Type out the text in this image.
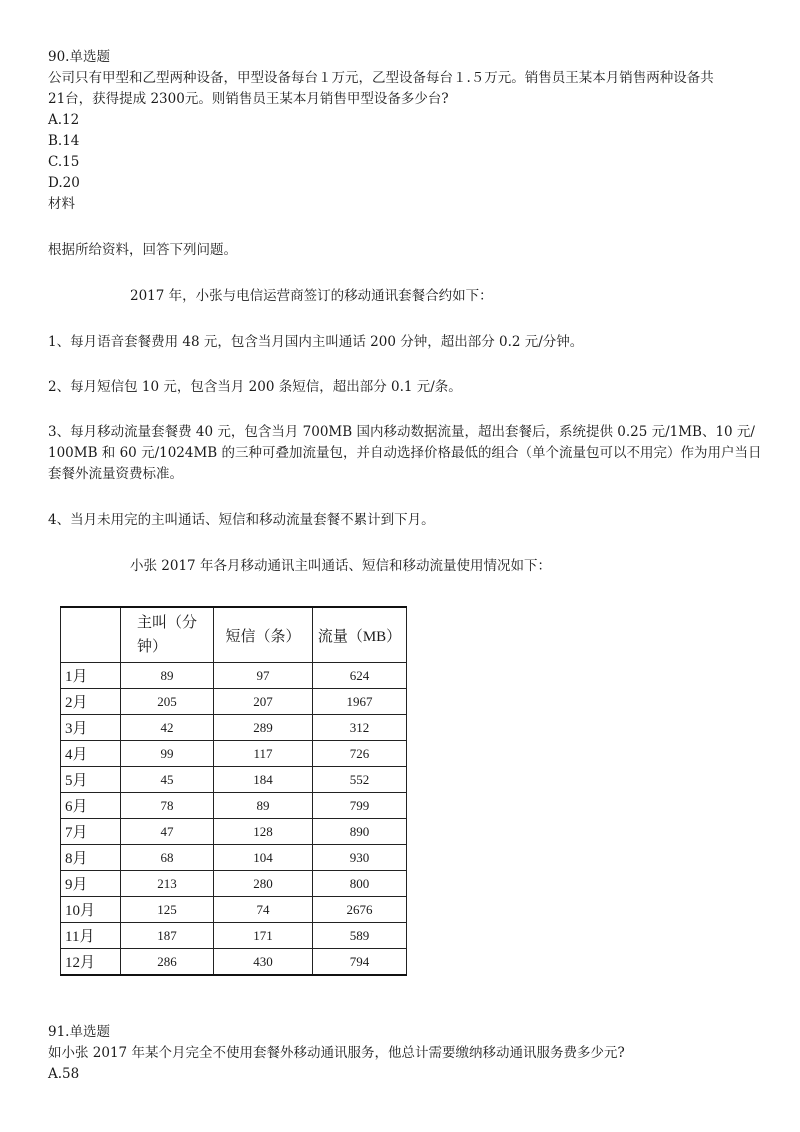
90.单选题
公司只有甲型和乙型两种设备，甲型设备每台１万元，乙型设备每台１.５万元。销售员王某本月销售两种设备共
21台，获得提成 2300元。则销售员王某本月销售甲型设备多少台?
A.12
B.14
C.15
D.20
材料
根据所给资料，回答下列问题。
2017 年，小张与电信运营商签订的移动通讯套餐合约如下：
1、每月语音套餐费用 48 元，包含当月国内主叫通话 200 分钟，超出部分 0.2 元/分钟。
2、每月短信包 10 元，包含当月 200 条短信，超出部分 0.1 元/条。
3、每月移动流量套餐费 40 元，包含当月 700MB 国内移动数据流量，超出套餐后，系统提供 0.25 元/1MB、10 元/
100MB 和 60 元/1024MB 的三种可叠加流量包，并自动选择价格最低的组合（单个流量包可以不用完）作为用户当日
套餐外流量资费标准。
4、当月未用完的主叫通话、短信和移动流量套餐不累计到下月。
小张 2017 年各月移动通讯主叫通话、短信和移动流量使用情况如下：
	主叫（分
钟）	短信（条）	流量（MB）
1月	89	97	624
2月	205	207	1967
3月	42	289	312
4月	99	117	726
5月	45	184	552
6月	78	89	799
7月	47	128	890
8月	68	104	930
9月	213	280	800
10月	125	74	2676
11月	187	171	589
12月	286	430	794
91.单选题
如小张 2017 年某个月完全不使用套餐外移动通讯服务，他总计需要缴纳移动通讯服务费多少元?
A.58
